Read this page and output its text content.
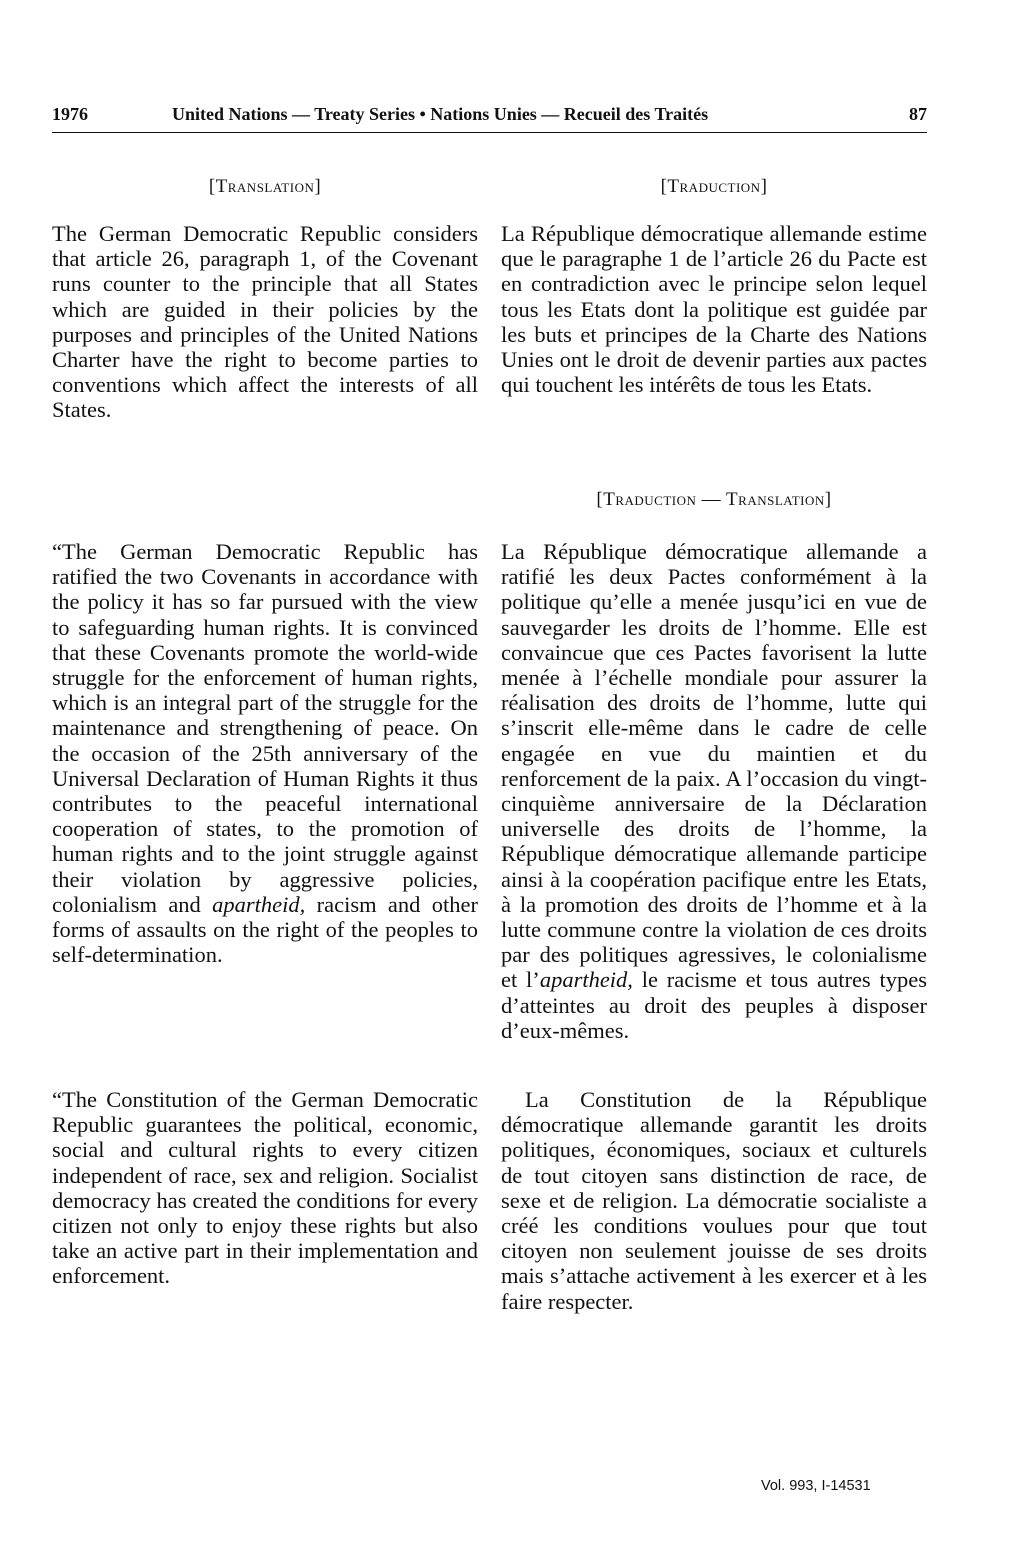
1976	United Nations — Treaty Series • Nations Unies — Recueil des Traités	87
[Translation]

The German Democratic Republic considers that article 26, paragraph 1, of the Covenant runs counter to the principle that all States which are guided in their policies by the purposes and principles of the United Nations Charter have the right to become parties to conventions which affect the interests of all States.

“The German Democratic Republic has ratified the two Covenants in accordance with the policy it has so far pursued with the view to safeguarding human rights. It is convinced that these Covenants promote the world-wide struggle for the enforcement of human rights, which is an integral part of the struggle for the maintenance and strengthening of peace. On the occasion of the 25th anniversary of the Universal Declaration of Human Rights it thus contributes to the peaceful international cooperation of states, to the promotion of human rights and to the joint struggle against their violation by aggressive policies, colonialism and apartheid, racism and other forms of assaults on the right of the peoples to self-determination.

“The Constitution of the German Democratic Republic guarantees the political, economic, social and cultural rights to every citizen independent of race, sex and religion. Socialist democracy has created the conditions for every citizen not only to enjoy these rights but also take an active part in their implementation and enforcement.

[Traduction]

La République démocratique allemande estime que le paragraphe 1 de l’article 26 du Pacte est en contradiction avec le principe selon lequel tous les Etats dont la politique est guidée par les buts et principes de la Charte des Nations Unies ont le droit de devenir parties aux pactes qui touchent les intérêts de tous les Etats.

[Traduction — Translation]

La République démocratique allemande a ratifié les deux Pactes conformément à la politique qu’elle a menée jusqu’ici en vue de sauvegarder les droits de l’homme. Elle est convaincue que ces Pactes favorisent la lutte menée à l’échelle mondiale pour assurer la réalisation des droits de l’homme, lutte qui s’inscrit elle-même dans le cadre de celle engagée en vue du maintien et du renforcement de la paix. A l’occasion du vingt-cinquième anniversaire de la Déclaration universelle des droits de l’homme, la République démocratique allemande participe ainsi à la coopération pacifique entre les Etats, à la promotion des droits de l’homme et à la lutte commune contre la violation de ces droits par des politiques agressives, le colonialisme et l’apartheid, le racisme et tous autres types d’atteintes au droit des peuples à disposer d’eux-mêmes.

La Constitution de la République démocratique allemande garantit les droits politiques, économiques, sociaux et culturels de tout citoyen sans distinction de race, de sexe et de religion. La démocratie socialiste a créé les conditions voulues pour que tout citoyen non seulement jouisse de ses droits mais s’attache activement à les exercer et à les faire respecter.

Vol. 993, I-14531
